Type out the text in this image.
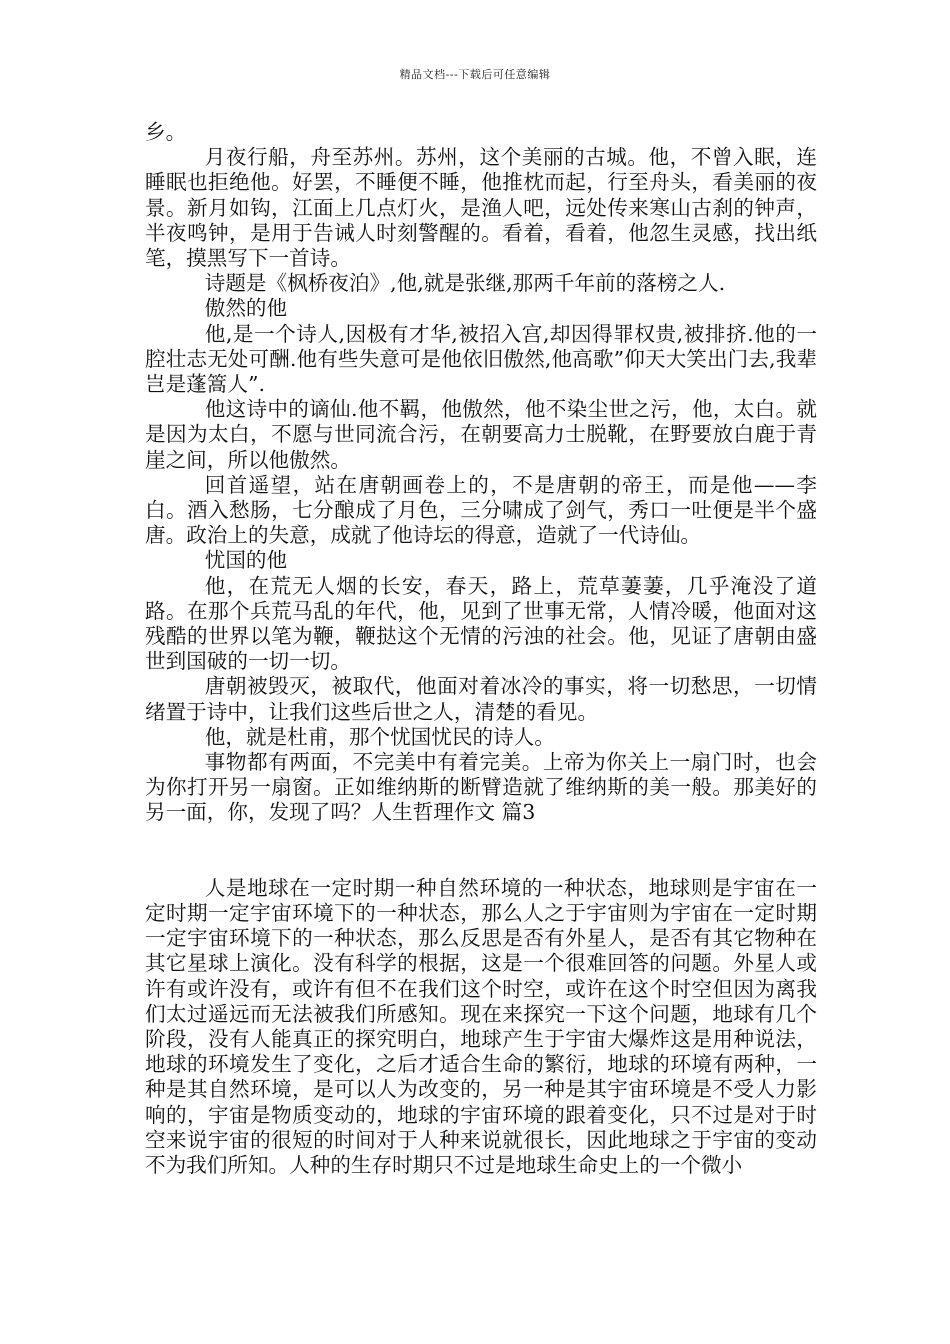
精品文档---下载后可任意编辑

乡。

月夜行船，舟至苏州。苏州，这个美丽的古城。他，不曾入眠，连睡眠也拒绝他。好罢，不睡便不睡，他推枕而起，行至舟头，看美丽的夜景。新月如钩，江面上几点灯火，是渔人吧，远处传来寒山古刹的钟声，半夜鸣钟，是用于告诫人时刻警醒的。看着，看着，他忽生灵感，找出纸笔，摸黑写下一首诗。

诗题是《枫桥夜泊》,他,就是张继,那两千年前的落榜之人.

傲然的他

他,是一个诗人,因极有才华,被招入宫,却因得罪权贵,被排挤.他的一腔壮志无处可酬.他有些失意可是他依旧傲然,他高歌”仰天大笑出门去,我辈岂是蓬篙人”.

他这诗中的谪仙.他不羁，他傲然，他不染尘世之污，他，太白。就是因为太白，不愿与世同流合污，在朝要高力士脱靴，在野要放白鹿于青崖之间，所以他傲然。

回首遥望，站在唐朝画卷上的，不是唐朝的帝王，而是他——李白。酒入愁肠，七分酿成了月色，三分啸成了剑气，秀口一吐便是半个盛唐。政治上的失意，成就了他诗坛的得意，造就了一代诗仙。

忧国的他

他，在荒无人烟的长安，春天，路上，荒草萋萋，几乎淹没了道路。在那个兵荒马乱的年代，他，见到了世事无常，人情冷暖，他面对这残酷的世界以笔为鞭，鞭挞这个无情的污浊的社会。他，见证了唐朝由盛世到国破的一切一切。

唐朝被毁灭，被取代，他面对着冰冷的事实，将一切愁思，一切情绪置于诗中，让我们这些后世之人，清楚的看见。

他，就是杜甫，那个忧国忧民的诗人。

事物都有两面，不完美中有着完美。上帝为你关上一扇门时，也会为你打开另一扇窗。正如维纳斯的断臂造就了维纳斯的美一般。那美好的另一面，你，发现了吗？人生哲理作文 篇3

人是地球在一定时期一种自然环境的一种状态，地球则是宇宙在一定时期一定宇宙环境下的一种状态，那么人之于宇宙则为宇宙在一定时期一定宇宙环境下的一种状态，那么反思是否有外星人，是否有其它物种在其它星球上演化。没有科学的根据，这是一个很难回答的问题。外星人或许有或许没有，或许有但不在我们这个时空，或许在这个时空但因为离我们太过遥远而无法被我们所感知。现在来探究一下这个问题，地球有几个阶段，没有人能真正的探究明白，地球产生于宇宙大爆炸这是用种说法，地球的环境发生了变化，之后才适合生命的繁衍，地球的环境有两种，一种是其自然环境，是可以人为改变的，另一种是其宇宙环境是不受人力影响的，宇宙是物质变动的，地球的宇宙环境的跟着变化，只不过是对于时空来说宇宙的很短的时间对于人种来说就很长，因此地球之于宇宙的变动不为我们所知。人种的生存时期只不过是地球生命史上的一个微小
